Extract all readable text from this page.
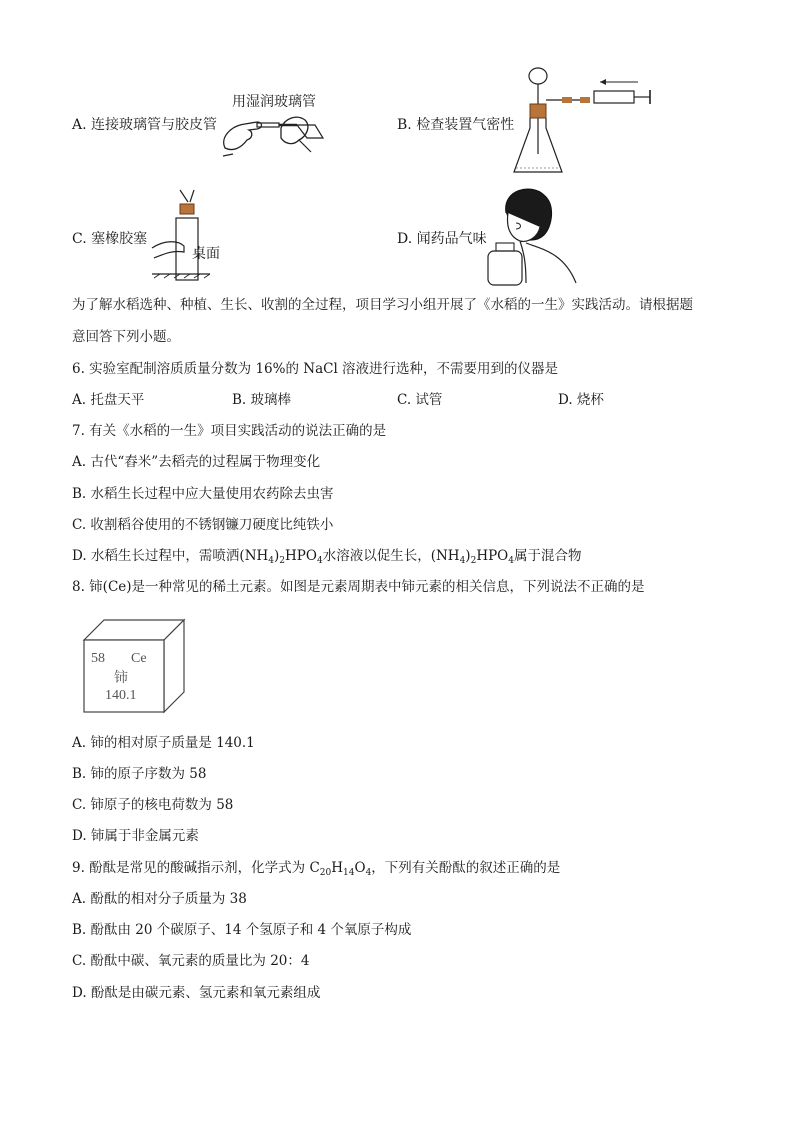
用湿润玻璃管
A. 连接玻璃管与胶皮管	B. 检查装置气密性
C. 塞橡胶塞
桌面
D. 闻药品气味
为了解水稻选种、种植、生长、收割的全过程，项目学习小组开展了《水稻的一生》实践活动。请根据题
意回答下列小题。
6. 实验室配制溶质质量分数为 16%的 NaCl 溶液进行选种，不需要用到的仪器是
A. 托盘天平	B. 玻璃棒	C. 试管	D. 烧杯
7. 有关《水稻的一生》项目实践活动的说法正确的是
A. 古代“舂米”去稻壳的过程属于物理变化
B. 水稻生长过程中应大量使用农药除去虫害
C. 收割稻谷使用的不锈钢镰刀硬度比纯铁小
D. 水稻生长过程中，需喷洒$(NH_4)_2HPO_4$水溶液以促生长，$(NH_4)_2HPO_4$属于混合物
8. 铈(Ce)是一种常见的稀土元素。如图是元素周期表中铈元素的相关信息，下列说法不正确的是
58 Ce
铈
140.1
A. 铈的相对原子质量是 140.1
B. 铈的原子序数为 58
C. 铈原子的核电荷数为 58
D. 铈属于非金属元素
9. 酚酞是常见的酸碱指示剂，化学式为 $C_{20}H_{14}O_4$，下列有关酚酞的叙述正确的是
A. 酚酞的相对分子质量为 38
B. 酚酞由 20 个碳原子、14 个氢原子和 4 个氧原子构成
C. 酚酞中碳、氧元素的质量比为 20：4
D. 酚酞是由碳元素、氢元素和氧元素组成
